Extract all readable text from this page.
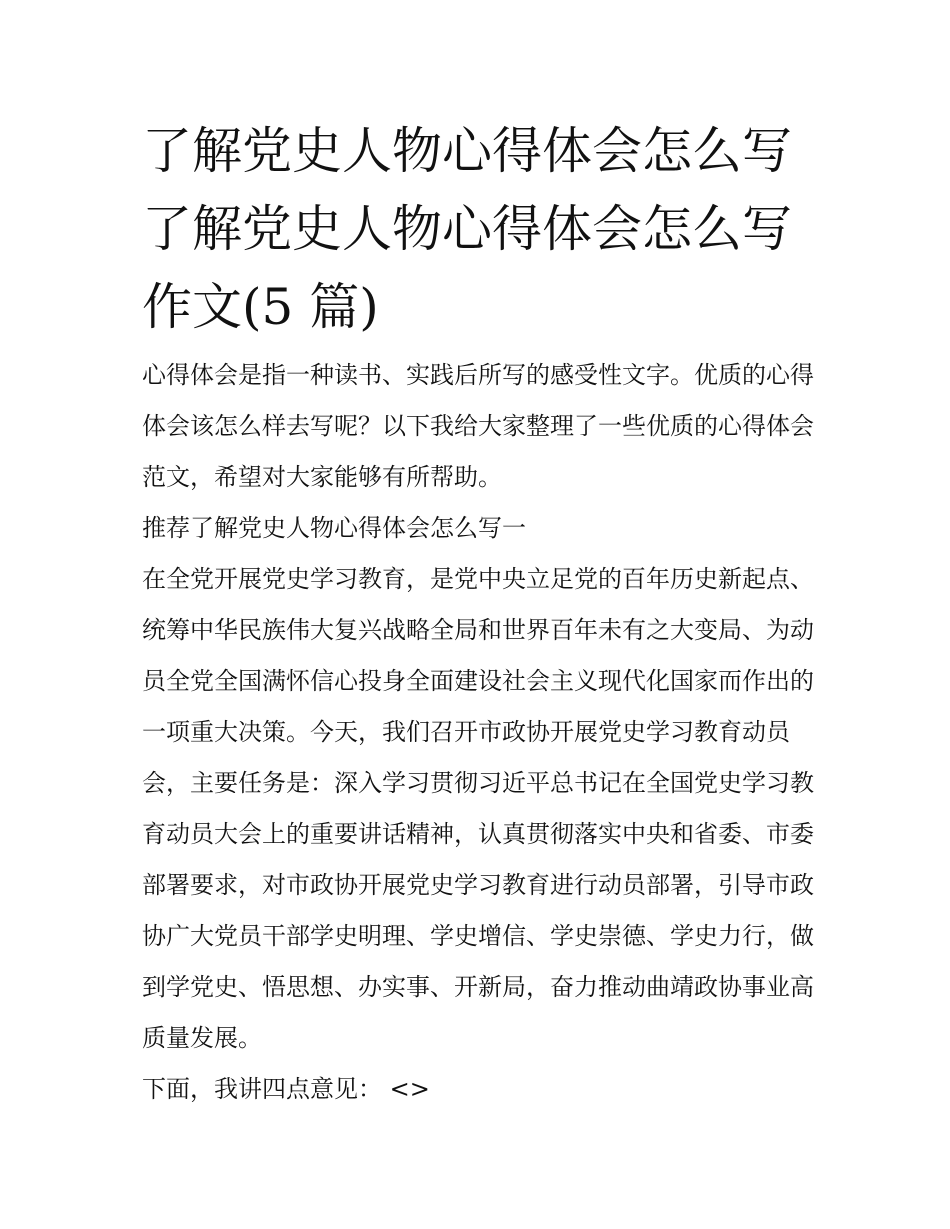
了解党史人物心得体会怎么写
了解党史人物心得体会怎么写
作文(5 篇)

心得体会是指一种读书、实践后所写的感受性文字。优质的心得体会该怎么样去写呢？以下我给大家整理了一些优质的心得体会范文，希望对大家能够有所帮助。

推荐了解党史人物心得体会怎么写一

在全党开展党史学习教育，是党中央立足党的百年历史新起点、统筹中华民族伟大复兴战略全局和世界百年未有之大变局、为动员全党全国满怀信心投身全面建设社会主义现代化国家而作出的一项重大决策。今天，我们召开市政协开展党史学习教育动员会，主要任务是：深入学习贯彻习近平总书记在全国党史学习教育动员大会上的重要讲话精神，认真贯彻落实中央和省委、市委部署要求，对市政协开展党史学习教育进行动员部署，引导市政协广大党员干部学史明理、学史增信、学史崇德、学史力行，做到学党史、悟思想、办实事、开新局，奋力推动曲靖政协事业高质量发展。

下面，我讲四点意见： <>
